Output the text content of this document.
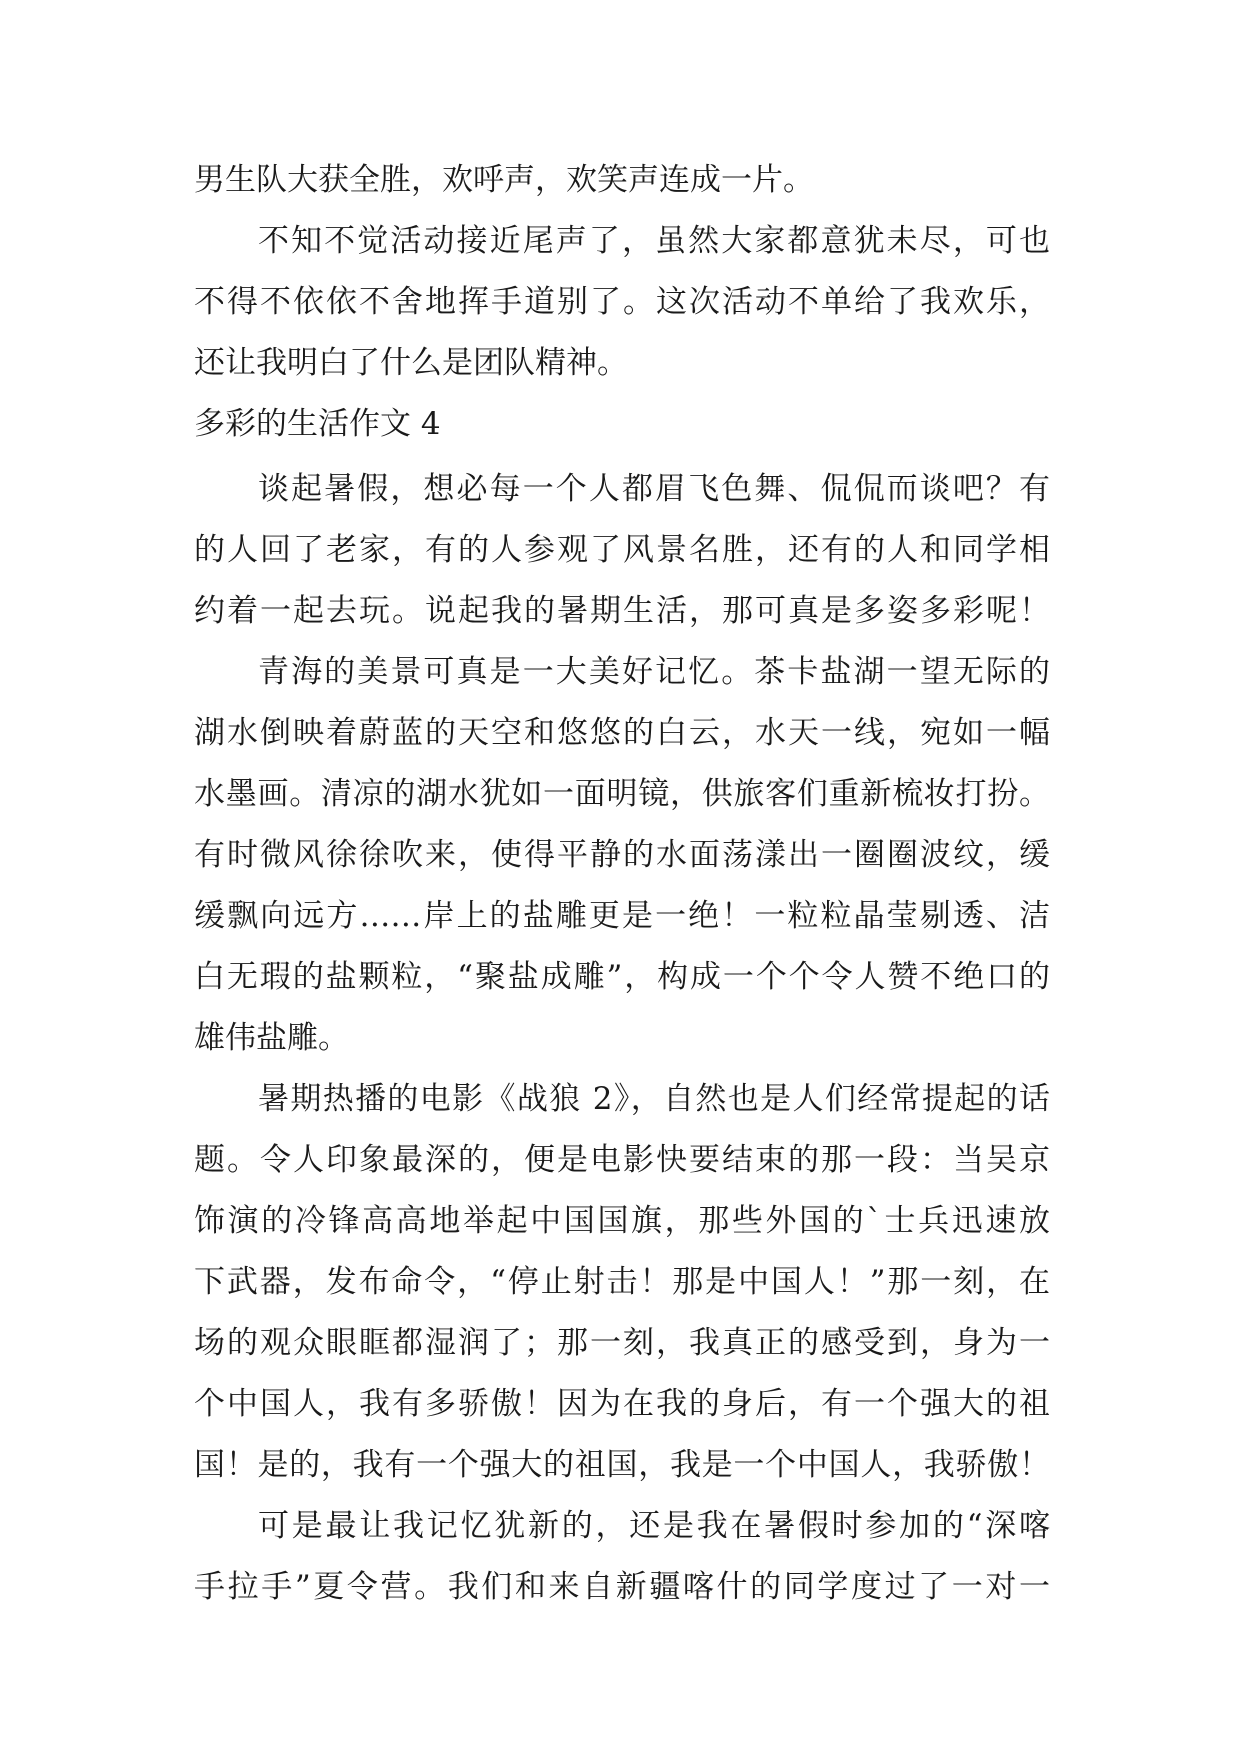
男生队大获全胜，欢呼声，欢笑声连成一片。
不知不觉活动接近尾声了，虽然大家都意犹未尽，可也
不得不依依不舍地挥手道别了。这次活动不单给了我欢乐，
还让我明白了什么是团队精神。
多彩的生活作文 4
谈起暑假，想必每一个人都眉飞色舞、侃侃而谈吧？有
的人回了老家，有的人参观了风景名胜，还有的人和同学相
约着一起去玩。说起我的暑期生活，那可真是多姿多彩呢！
青海的美景可真是一大美好记忆。茶卡盐湖一望无际的
湖水倒映着蔚蓝的天空和悠悠的白云，水天一线，宛如一幅
水墨画。清凉的湖水犹如一面明镜，供旅客们重新梳妆打扮。
有时微风徐徐吹来，使得平静的水面荡漾出一圈圈波纹，缓
缓飘向远方……岸上的盐雕更是一绝！一粒粒晶莹剔透、洁
白无瑕的盐颗粒，“聚盐成雕”，构成一个个令人赞不绝口的
雄伟盐雕。
暑期热播的电影《战狼 2》，自然也是人们经常提起的话
题。令人印象最深的，便是电影快要结束的那一段：当吴京
饰演的冷锋高高地举起中国国旗，那些外国的`士兵迅速放
下武器，发布命令，“停止射击！那是中国人！”那一刻，在
场的观众眼眶都湿润了；那一刻，我真正的感受到，身为一
个中国人，我有多骄傲！因为在我的身后，有一个强大的祖
国！是的，我有一个强大的祖国，我是一个中国人，我骄傲！
可是最让我记忆犹新的，还是我在暑假时参加的“深喀
手拉手”夏令营。我们和来自新疆喀什的同学度过了一对一
